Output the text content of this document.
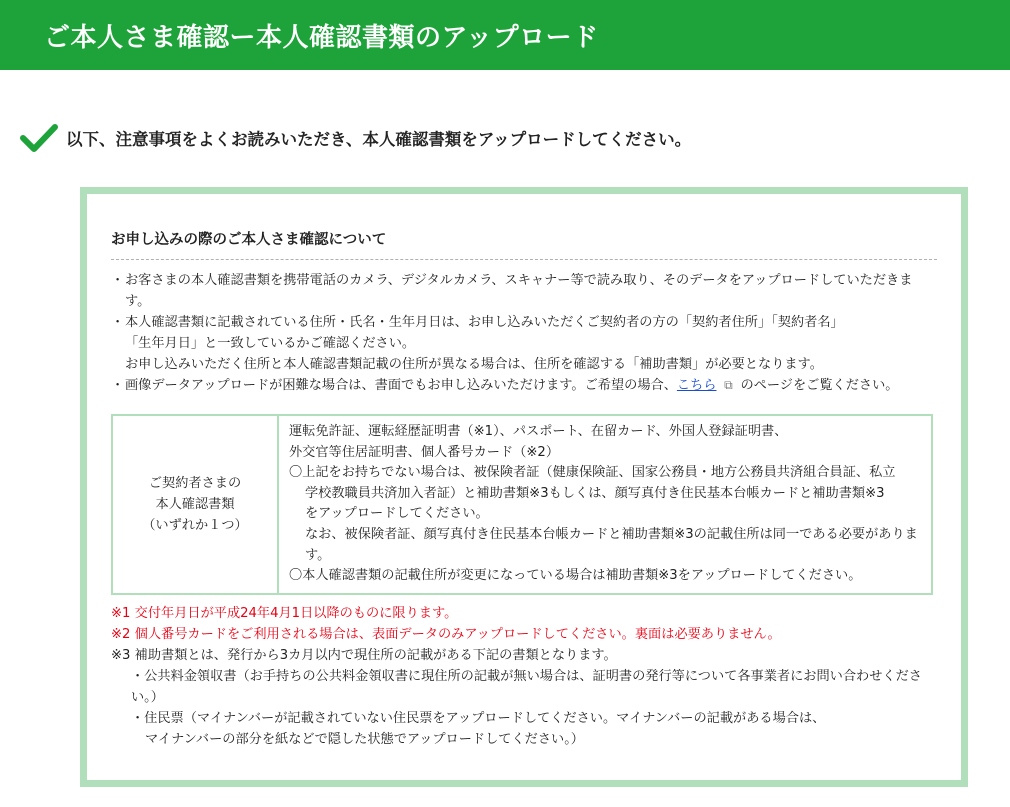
ご本人さま確認ー本人確認書類のアップロード
以下、注意事項をよくお読みいただき、本人確認書類をアップロードしてください。
お申し込みの際のご本人さま確認について
・ お客さまの本人確認書類を携帯電話のカメラ、デジタルカメラ、スキャナー等で読み取り、そのデータをアップロードしていただきます。
・ 本人確認書類に記載されている住所・氏名・生年月日は、お申し込みいただくご契約者の方の「契約者住所」「契約者名」
「生年月日」と一致しているかご確認ください。
お申し込みいただく住所と本人確認書類記載の住所が異なる場合は、住所を確認する「補助書類」が必要となります。
・ 画像データアップロードが困難な場合は、書面でもお申し込みいただけます。ご希望の場合、こちら ⧉ のページをご覧ください。
ご契約者さまの
本人確認書類
（いずれか１つ）

運転免許証、運転経歴証明書（※1）、パスポート、在留カード、外国人登録証明書、
外交官等住居証明書、個人番号カード（※2）
〇上記をお持ちでない場合は、被保険者証（健康保険証、国家公務員・地方公務員共済組合員証、私立
学校教職員共済加入者証）と補助書類※3もしくは、顔写真付き住民基本台帳カードと補助書類※3
をアップロードしてください。
なお、被保険者証、顔写真付き住民基本台帳カードと補助書類※3の記載住所は同一である必要があります。
〇本人確認書類の記載住所が変更になっている場合は補助書類※3をアップロードしてください。
※1 交付年月日が平成24年4月1日以降のものに限ります。
※2 個人番号カードをご利用される場合は、表面データのみアップロードしてください。裏面は必要ありません。
※3 補助書類とは、発行から3カ月以内で現住所の記載がある下記の書類となります。
・公共料金領収書（お手持ちの公共料金領収書に現住所の記載が無い場合は、証明書の発行等について各事業者にお問い合わせください。）
・住民票（マイナンバーが記載されていない住民票をアップロードしてください。マイナンバーの記載がある場合は、
マイナンバーの部分を紙などで隠した状態でアップロードしてください。）
